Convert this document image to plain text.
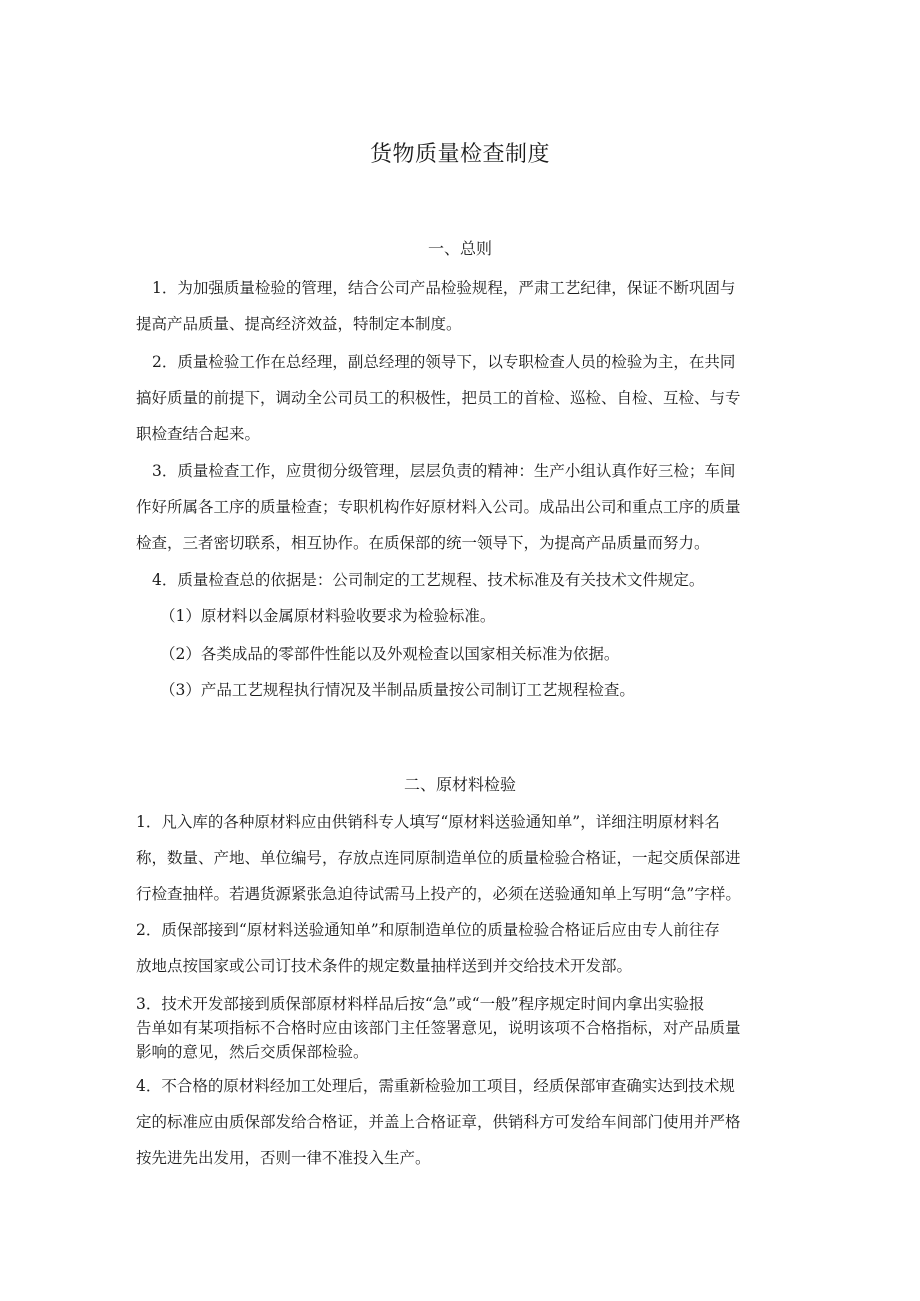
货物质量检查制度
一、总则
1．为加强质量检验的管理，结合公司产品检验规程，严肃工艺纪律，保证不断巩固与
提高产品质量、提高经济效益，特制定本制度。
2．质量检验工作在总经理，副总经理的领导下，以专职检查人员的检验为主，在共同
搞好质量的前提下，调动全公司员工的积极性，把员工的首检、巡检、自检、互检、与专
职检查结合起来。
3．质量检查工作，应贯彻分级管理，层层负责的精神：生产小组认真作好三检；车间
作好所属各工序的质量检查；专职机构作好原材料入公司。成品出公司和重点工序的质量
检查，三者密切联系，相互协作。在质保部的统一领导下，为提高产品质量而努力。
4．质量检查总的依据是：公司制定的工艺规程、技术标准及有关技术文件规定。
（1）原材料以金属原材料验收要求为检验标准。
（2）各类成品的零部件性能以及外观检查以国家相关标准为依据。
（3）产品工艺规程执行情况及半制品质量按公司制订工艺规程检查。
二、原材料检验
1．凡入库的各种原材料应由供销科专人填写“原材料送验通知单”，详细注明原材料名
称，数量、产地、单位编号，存放点连同原制造单位的质量检验合格证，一起交质保部进
行检查抽样。若遇货源紧张急迫待试需马上投产的，必须在送验通知单上写明“急”字样。
2．质保部接到“原材料送验通知单”和原制造单位的质量检验合格证后应由专人前往存
放地点按国家或公司订技术条件的规定数量抽样送到并交给技术开发部。
3．技术开发部接到质保部原材料样品后按“急”或“一般”程序规定时间内拿出实验报
告单如有某项指标不合格时应由该部门主任签署意见，说明该项不合格指标，对产品质量
影响的意见，然后交质保部检验。
4．不合格的原材料经加工处理后，需重新检验加工项目，经质保部审查确实达到技术规
定的标准应由质保部发给合格证，并盖上合格证章，供销科方可发给车间部门使用并严格
按先进先出发用，否则一律不准投入生产。
